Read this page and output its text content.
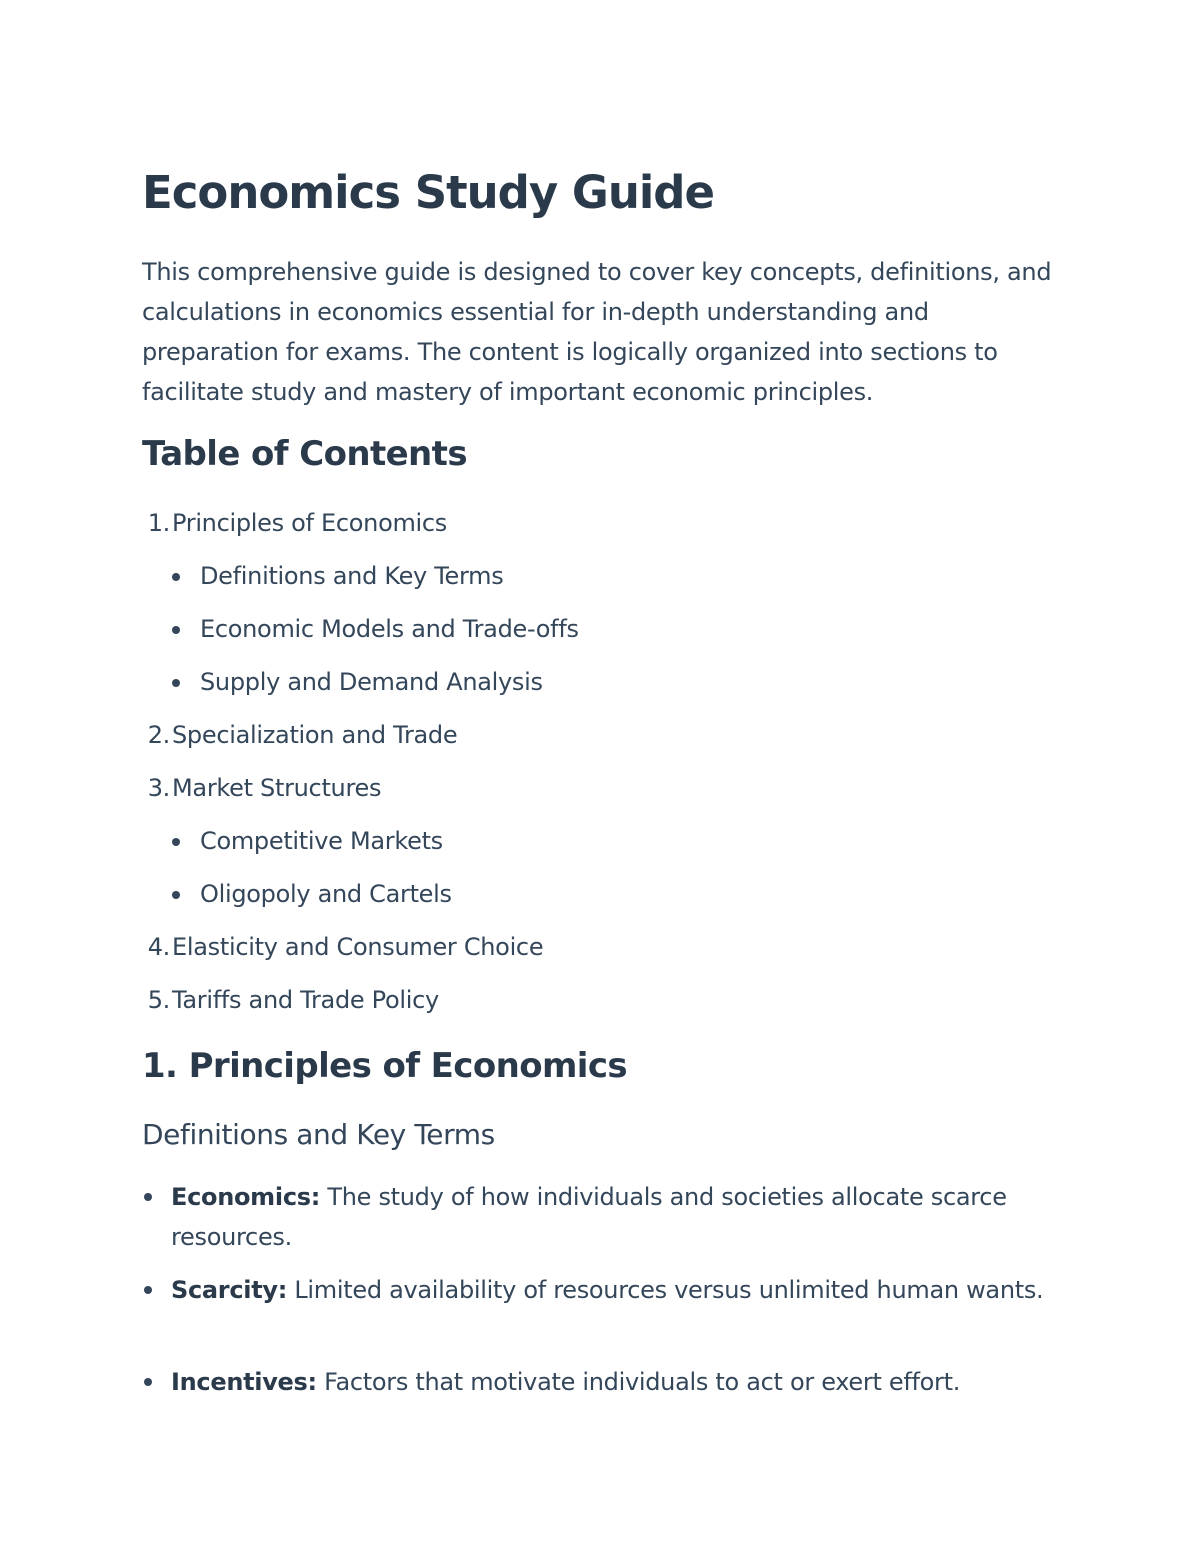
Economics Study Guide

This comprehensive guide is designed to cover key concepts, definitions, and calculations in economics essential for in-depth understanding and preparation for exams. The content is logically organized into sections to facilitate study and mastery of important economic principles.

Table of Contents
1.Principles of Economics
Definitions and Key Terms
Economic Models and Trade-offs
Supply and Demand Analysis
2.Specialization and Trade
3.Market Structures
Competitive Markets
Oligopoly and Cartels
4.Elasticity and Consumer Choice
5.Tariffs and Trade Policy
1. Principles of Economics
Definitions and Key Terms
Economics: The study of how individuals and societies allocate scarce resources.
Scarcity: Limited availability of resources versus unlimited human wants.
Incentives: Factors that motivate individuals to act or exert effort.
